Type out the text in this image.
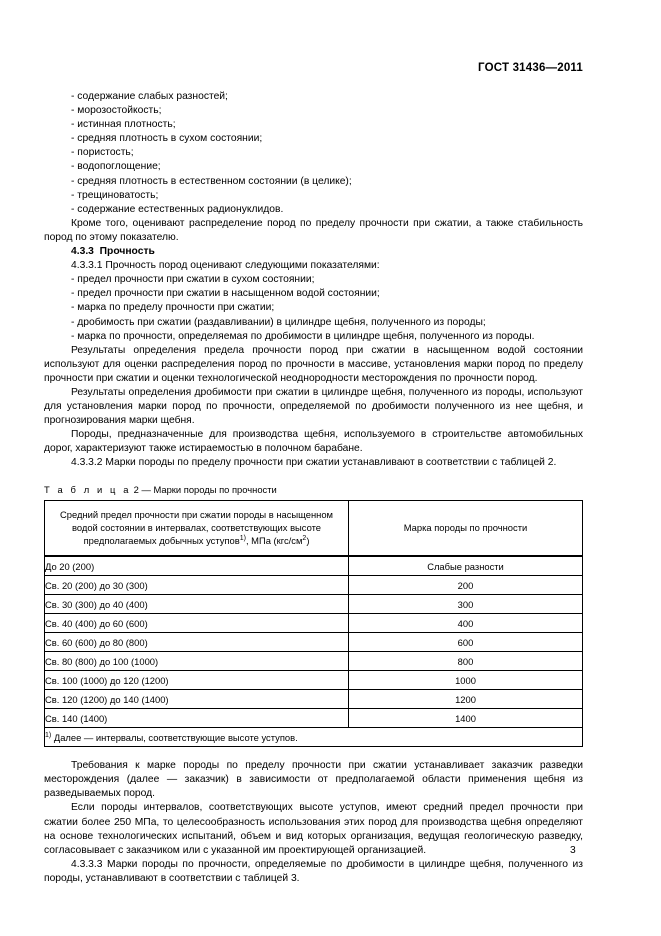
ГОСТ 31436—2011
- содержание слабых разностей;
- морозостойкость;
- истинная плотность;
- средняя плотность в сухом состоянии;
- пористость;
- водопоглощение;
- средняя плотность в естественном состоянии (в целике);
- трещиноватость;
- содержание естественных радионуклидов.

Кроме того, оценивают распределение пород по пределу прочности при сжатии, а также стабильность пород по этому показателю.

4.3.3 Прочность
4.3.3.1 Прочность пород оценивают следующими показателями:
- предел прочности при сжатии в сухом состоянии;
- предел прочности при сжатии в насыщенном водой состоянии;
- марка по пределу прочности при сжатии;
- дробимость при сжатии (раздавливании) в цилиндре щебня, полученного из породы;
- марка по прочности, определяемая по дробимости в цилиндре щебня, полученного из породы.

Результаты определения предела прочности пород при сжатии в насыщенном водой состоянии используют для оценки распределения пород по прочности в массиве, установления марки пород по пределу прочности при сжатии и оценки технологической неоднородности месторождения по прочности пород.

Результаты определения дробимости при сжатии в цилиндре щебня, полученного из породы, используют для установления марки пород по прочности, определяемой по дробимости полученного из нее щебня, и прогнозирования марки щебня.

Породы, предназначенные для производства щебня, используемого в строительстве автомобильных дорог, характеризуют также истираемостью в полочном барабане.

4.3.3.2 Марки породы по пределу прочности при сжатии устанавливают в соответствии с таблицей 2.

Т а б л и ц а 2 — Марки породы по прочности
Средний предел прочности при сжатии породы в насыщенном
водой состоянии в интервалах, соответствующих высоте
предполагаемых добычных уступов$^{1)}$, МПа $(кгс/см^2)$	Марка породы по прочности
До 20 (200)	Слабые разности
Св. 20 (200) до 30 (300)	200
Св. 30 (300) до 40 (400)	300
Св. 40 (400) до 60 (600)	400
Св. 60 (600) до 80 (800)	600
Св. 80 (800) до 100 (1000)	800
Св. 100 (1000) до 120 (1200)	1000
Св. 120 (1200) до 140 (1400)	1200
Св. 140 (1400)	1400
$^{1)}$ Далее — интервалы, соответствующие высоте уступов.	

Требования к марке породы по пределу прочности при сжатии устанавливает заказчик разведки месторождения (далее — заказчик) в зависимости от предполагаемой области применения щебня из разведываемых пород.

Если породы интервалов, соответствующих высоте уступов, имеют средний предел прочности при сжатии более 250 МПа, то целесообразность использования этих пород для производства щебня определяют на основе технологических испытаний, объем и вид которых организация, ведущая геологическую разведку, согласовывает с заказчиком или с указанной им проектирующей организацией.

4.3.3.3 Марки породы по прочности, определяемые по дробимости в цилиндре щебня, полученного из породы, устанавливают в соответствии с таблицей 3.

3
